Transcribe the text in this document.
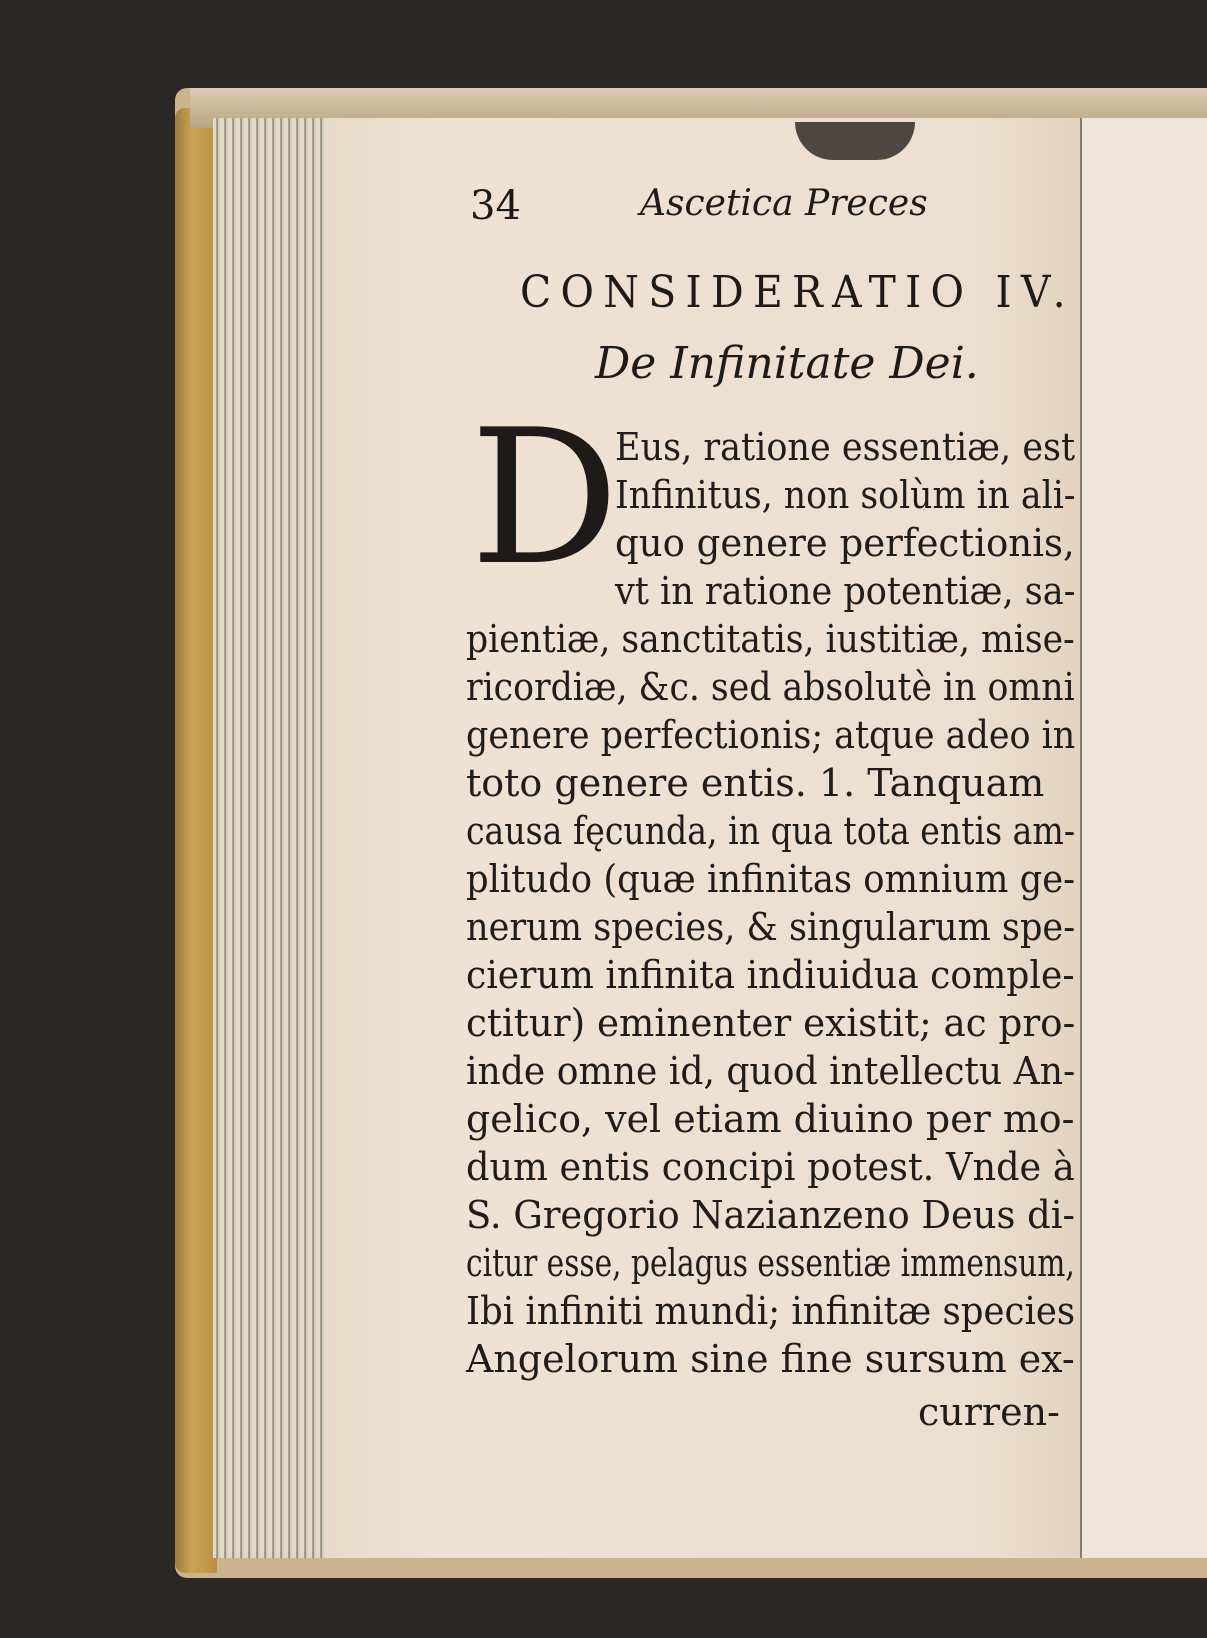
34	Ascetica Preces
CONSIDERATIO IV.
De Infinitate Dei.
D
Eus, ratione essentiæ, est
Infinitus, non solùm in ali-
quo genere perfectionis,
vt in ratione potentiæ, sa-
pientiæ, sanctitatis, iustitiæ, mise-
ricordiæ, &c. sed absolutè in omni
genere perfectionis; atque adeo in
toto genere entis. 1. Tanquam
causa fęcunda, in qua tota entis am-
plitudo (quæ infinitas omnium ge-
nerum species, & singularum spe-
cierum infinita indiuidua comple-
ctitur) eminenter existit; ac pro-
inde omne id, quod intellectu An-
gelico, vel etiam diuino per mo-
dum entis concipi potest. Vnde à
S. Gregorio Nazianzeno Deus di-
citur esse, pelagus essentiæ immensum,
Ibi infiniti mundi; infinitæ species
Angelorum sine fine sursum ex-
curren-
